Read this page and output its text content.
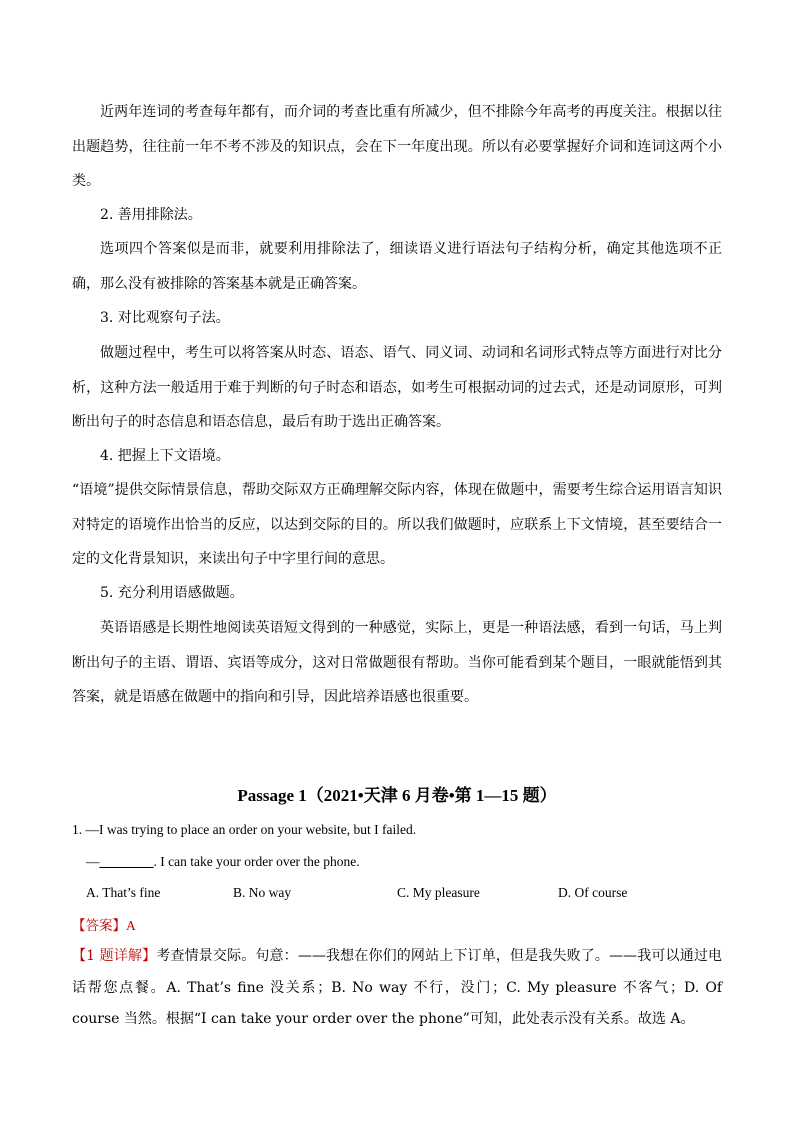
近两年连词的考查每年都有，而介词的考查比重有所减少，但不排除今年高考的再度关注。根据以往出题趋势，往往前一年不考不涉及的知识点，会在下一年度出现。所以有必要掌握好介词和连词这两个小类。

2. 善用排除法。

选项四个答案似是而非，就要利用排除法了，细读语义进行语法句子结构分析，确定其他选项不正确，那么没有被排除的答案基本就是正确答案。

3. 对比观察句子法。

做题过程中，考生可以将答案从时态、语态、语气、同义词、动词和名词形式特点等方面进行对比分析，这种方法一般适用于难于判断的句子时态和语态，如考生可根据动词的过去式，还是动词原形，可判断出句子的时态信息和语态信息，最后有助于选出正确答案。

4. 把握上下文语境。

“语境”提供交际情景信息，帮助交际双方正确理解交际内容，体现在做题中，需要考生综合运用语言知识对特定的语境作出恰当的反应，以达到交际的目的。所以我们做题时，应联系上下文情境，甚至要结合一定的文化背景知识，来读出句子中字里行间的意思。

5. 充分利用语感做题。

英语语感是长期性地阅读英语短文得到的一种感觉，实际上，更是一种语法感，看到一句话，马上判断出句子的主语、谓语、宾语等成分，这对日常做题很有帮助。当你可能看到某个题目，一眼就能悟到其答案，就是语感在做题中的指向和引导，因此培养语感也很重要。

Passage 1（2021•天津 6 月卷•第 1—15 题）

1. —I was trying to place an order on your website, but I failed.

—________. I can take your order over the phone.

A. That’s fine	B. No way	C. My pleasure	D. Of course

【答案】A

【1 题详解】考查情景交际。句意：——我想在你们的网站上下订单，但是我失败了。——我可以通过电话帮您点餐。A. That’s fine 没关系；B. No way 不行，没门；C. My pleasure 不客气；D. Of course 当然。根据“I can take your order over the phone”可知，此处表示没有关系。故选 A。
